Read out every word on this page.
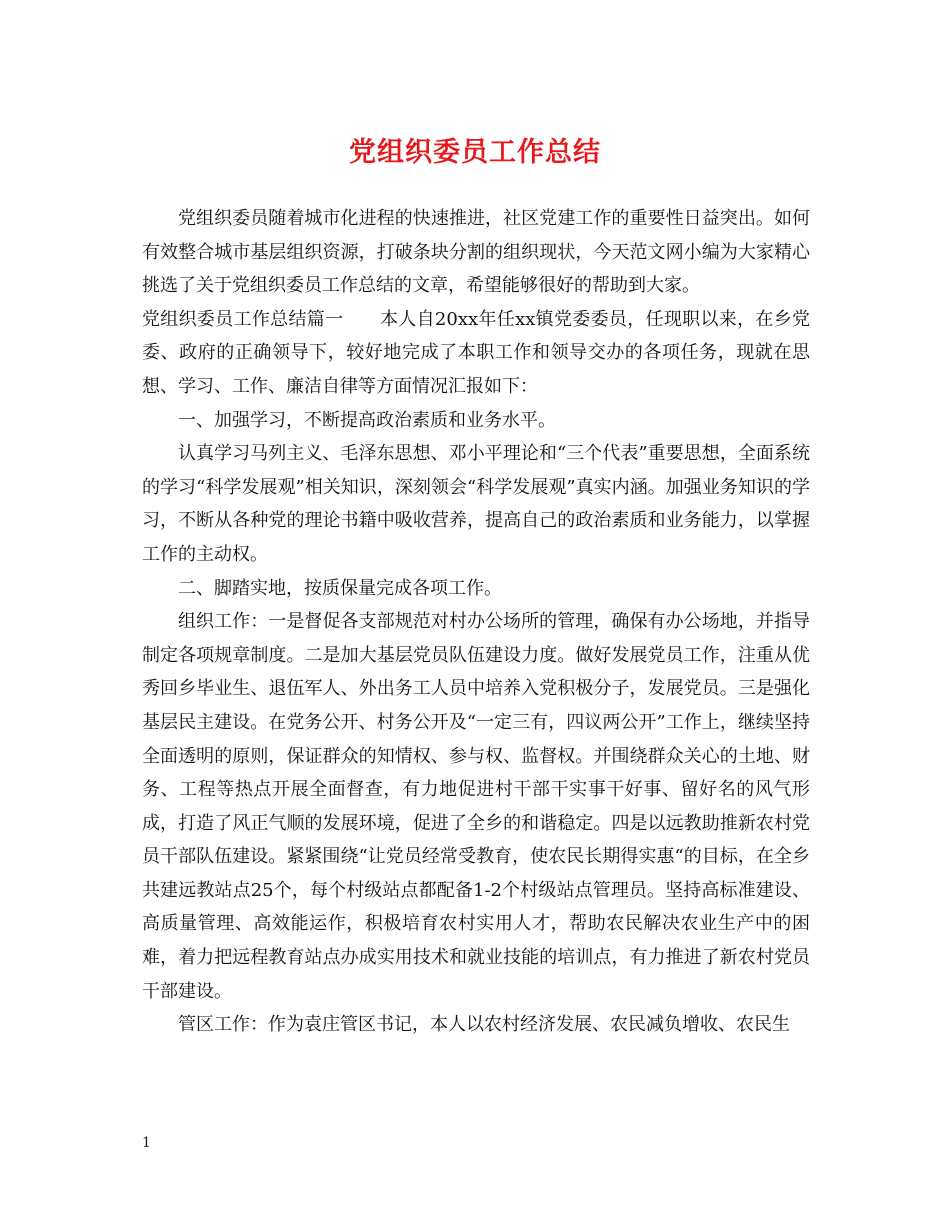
党组织委员工作总结

党组织委员随着城市化进程的快速推进，社区党建工作的重要性日益突出。如何有效整合城市基层组织资源，打破条块分割的组织现状，今天范文网小编为大家精心挑选了关于党组织委员工作总结的文章，希望能够很好的帮助到大家。

党组织委员工作总结篇一　　本人自20xx年任xx镇党委委员，任现职以来，在乡党委、政府的正确领导下，较好地完成了本职工作和领导交办的各项任务，现就在思想、学习、工作、廉洁自律等方面情况汇报如下：

一、加强学习，不断提高政治素质和业务水平。

认真学习马列主义、毛泽东思想、邓小平理论和“三个代表”重要思想，全面系统的学习“科学发展观”相关知识，深刻领会“科学发展观”真实内涵。加强业务知识的学习，不断从各种党的理论书籍中吸收营养，提高自己的政治素质和业务能力，以掌握工作的主动权。

二、脚踏实地，按质保量完成各项工作。

组织工作：一是督促各支部规范对村办公场所的管理，确保有办公场地，并指导制定各项规章制度。二是加大基层党员队伍建设力度。做好发展党员工作，注重从优秀回乡毕业生、退伍军人、外出务工人员中培养入党积极分子，发展党员。三是强化基层民主建设。在党务公开、村务公开及“一定三有，四议两公开”工作上，继续坚持全面透明的原则，保证群众的知情权、参与权、监督权。并围绕群众关心的土地、财务、工程等热点开展全面督查，有力地促进村干部干实事干好事、留好名的风气形成，打造了风正气顺的发展环境，促进了全乡的和谐稳定。四是以远教助推新农村党员干部队伍建设。紧紧围绕“让党员经常受教育，使农民长期得实惠“的目标，在全乡共建远教站点25个，每个村级站点都配备1-2个村级站点管理员。坚持高标准建设、高质量管理、高效能运作，积极培育农村实用人才，帮助农民解决农业生产中的困难，着力把远程教育站点办成实用技术和就业技能的培训点，有力推进了新农村党员干部建设。

管区工作：作为袁庄管区书记，本人以农村经济发展、农民减负增收、农民生

1
